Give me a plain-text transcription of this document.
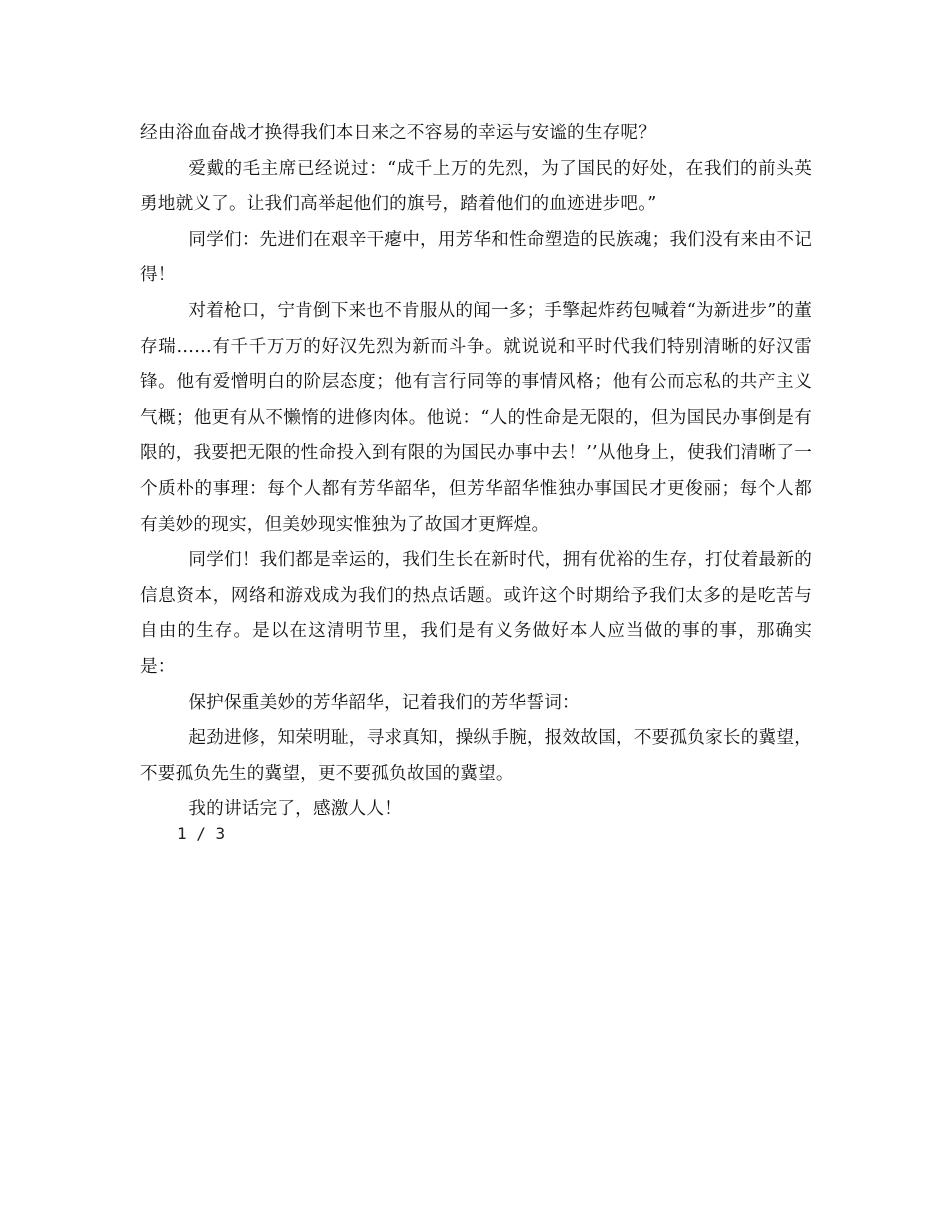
经由浴血奋战才换得我们本日来之不容易的幸运与安谧的生存呢？

爱戴的毛主席已经说过：“成千上万的先烈，为了国民的好处，在我们的前头英勇地就义了。让我们高举起他们的旗号，踏着他们的血迹进步吧。”

同学们：先进们在艰辛干瘪中，用芳华和性命塑造的民族魂；我们没有来由不记得！

对着枪口，宁肯倒下来也不肯服从的闻一多；手擎起炸药包喊着“为新进步”的董存瑞……有千千万万的好汉先烈为新而斗争。就说说和平时代我们特别清晰的好汉雷锋。他有爱憎明白的阶层态度；他有言行同等的事情风格；他有公而忘私的共产主义气概；他更有从不懒惰的进修肉体。他说：“人的性命是无限的，但为国民办事倒是有限的，我要把无限的性命投入到有限的为国民办事中去！’’从他身上，使我们清晰了一个质朴的事理：每个人都有芳华韶华，但芳华韶华惟独办事国民才更俊丽；每个人都有美妙的现实，但美妙现实惟独为了故国才更辉煌。

同学们！我们都是幸运的，我们生长在新时代，拥有优裕的生存，打仗着最新的信息资本，网络和游戏成为我们的热点话题。或许这个时期给予我们太多的是吃苦与自由的生存。是以在这清明节里，我们是有义务做好本人应当做的事的事，那确实是：

保护保重美妙的芳华韶华，记着我们的芳华誓词：

起劲进修，知荣明耻，寻求真知，操纵手腕，报效故国，不要孤负家长的冀望，不要孤负先生的冀望，更不要孤负故国的冀望。

我的讲话完了，感激人人！

1 / 3
